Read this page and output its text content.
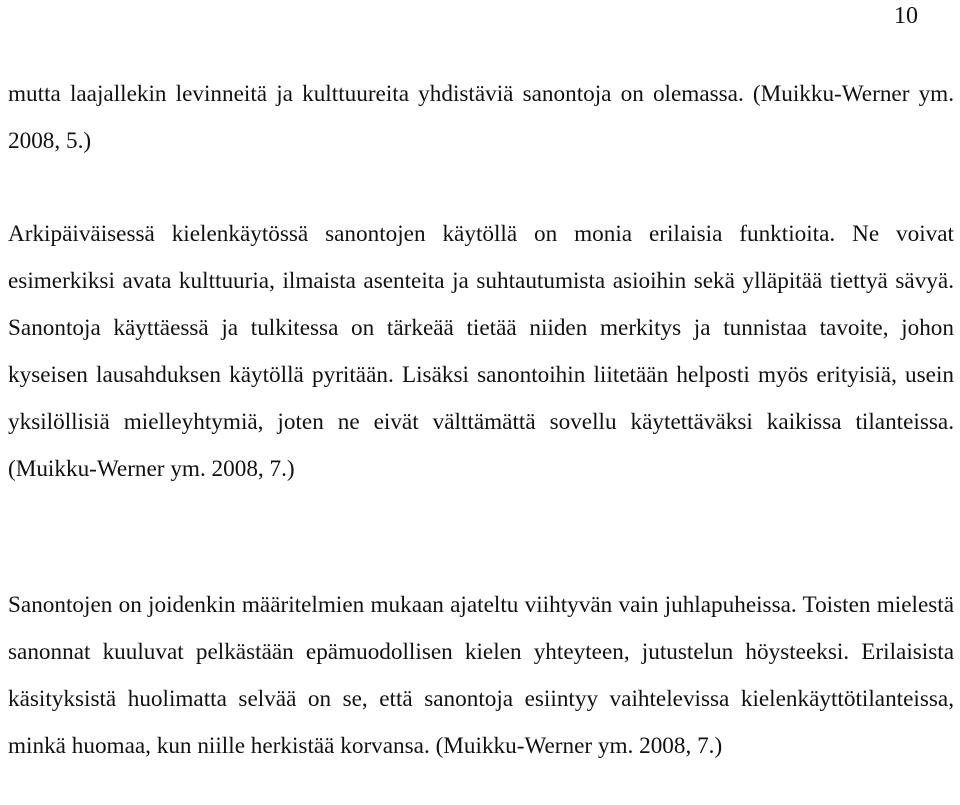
10

mutta laajallekin levinneitä ja kulttuureita yhdistäviä sanontoja on olemassa. (Muikku-Werner ym. 2008, 5.)

Arkipäiväisessä kielenkäytössä sanontojen käytöllä on monia erilaisia funktioita. Ne voivat esimerkiksi avata kulttuuria, ilmaista asenteita ja suhtautumista asioihin sekä ylläpitää tiettyä sävyä. Sanontoja käyttäessä ja tulkitessa on tärkeää tietää niiden merkitys ja tunnistaa tavoite, johon kyseisen lausahduksen käytöllä pyritään. Lisäksi sanontoihin liitetään helposti myös erityisiä, usein yksilöllisiä mielleyhtymiä, joten ne eivät välttämättä sovellu käytettäväksi kaikissa tilanteissa. (Muikku-Werner ym. 2008, 7.)

Sanontojen on joidenkin määritelmien mukaan ajateltu viihtyvän vain juhlapuheissa. Toisten mielestä sanonnat kuuluvat pelkästään epämuodollisen kielen yhteyteen, jutustelun höysteeksi. Erilaisista käsityksistä huolimatta selvää on se, että sanontoja esiintyy vaihtelevissa kielenkäyttötilanteissa, minkä huomaa, kun niille herkistää korvansa. (Muikku-Werner ym. 2008, 7.)
